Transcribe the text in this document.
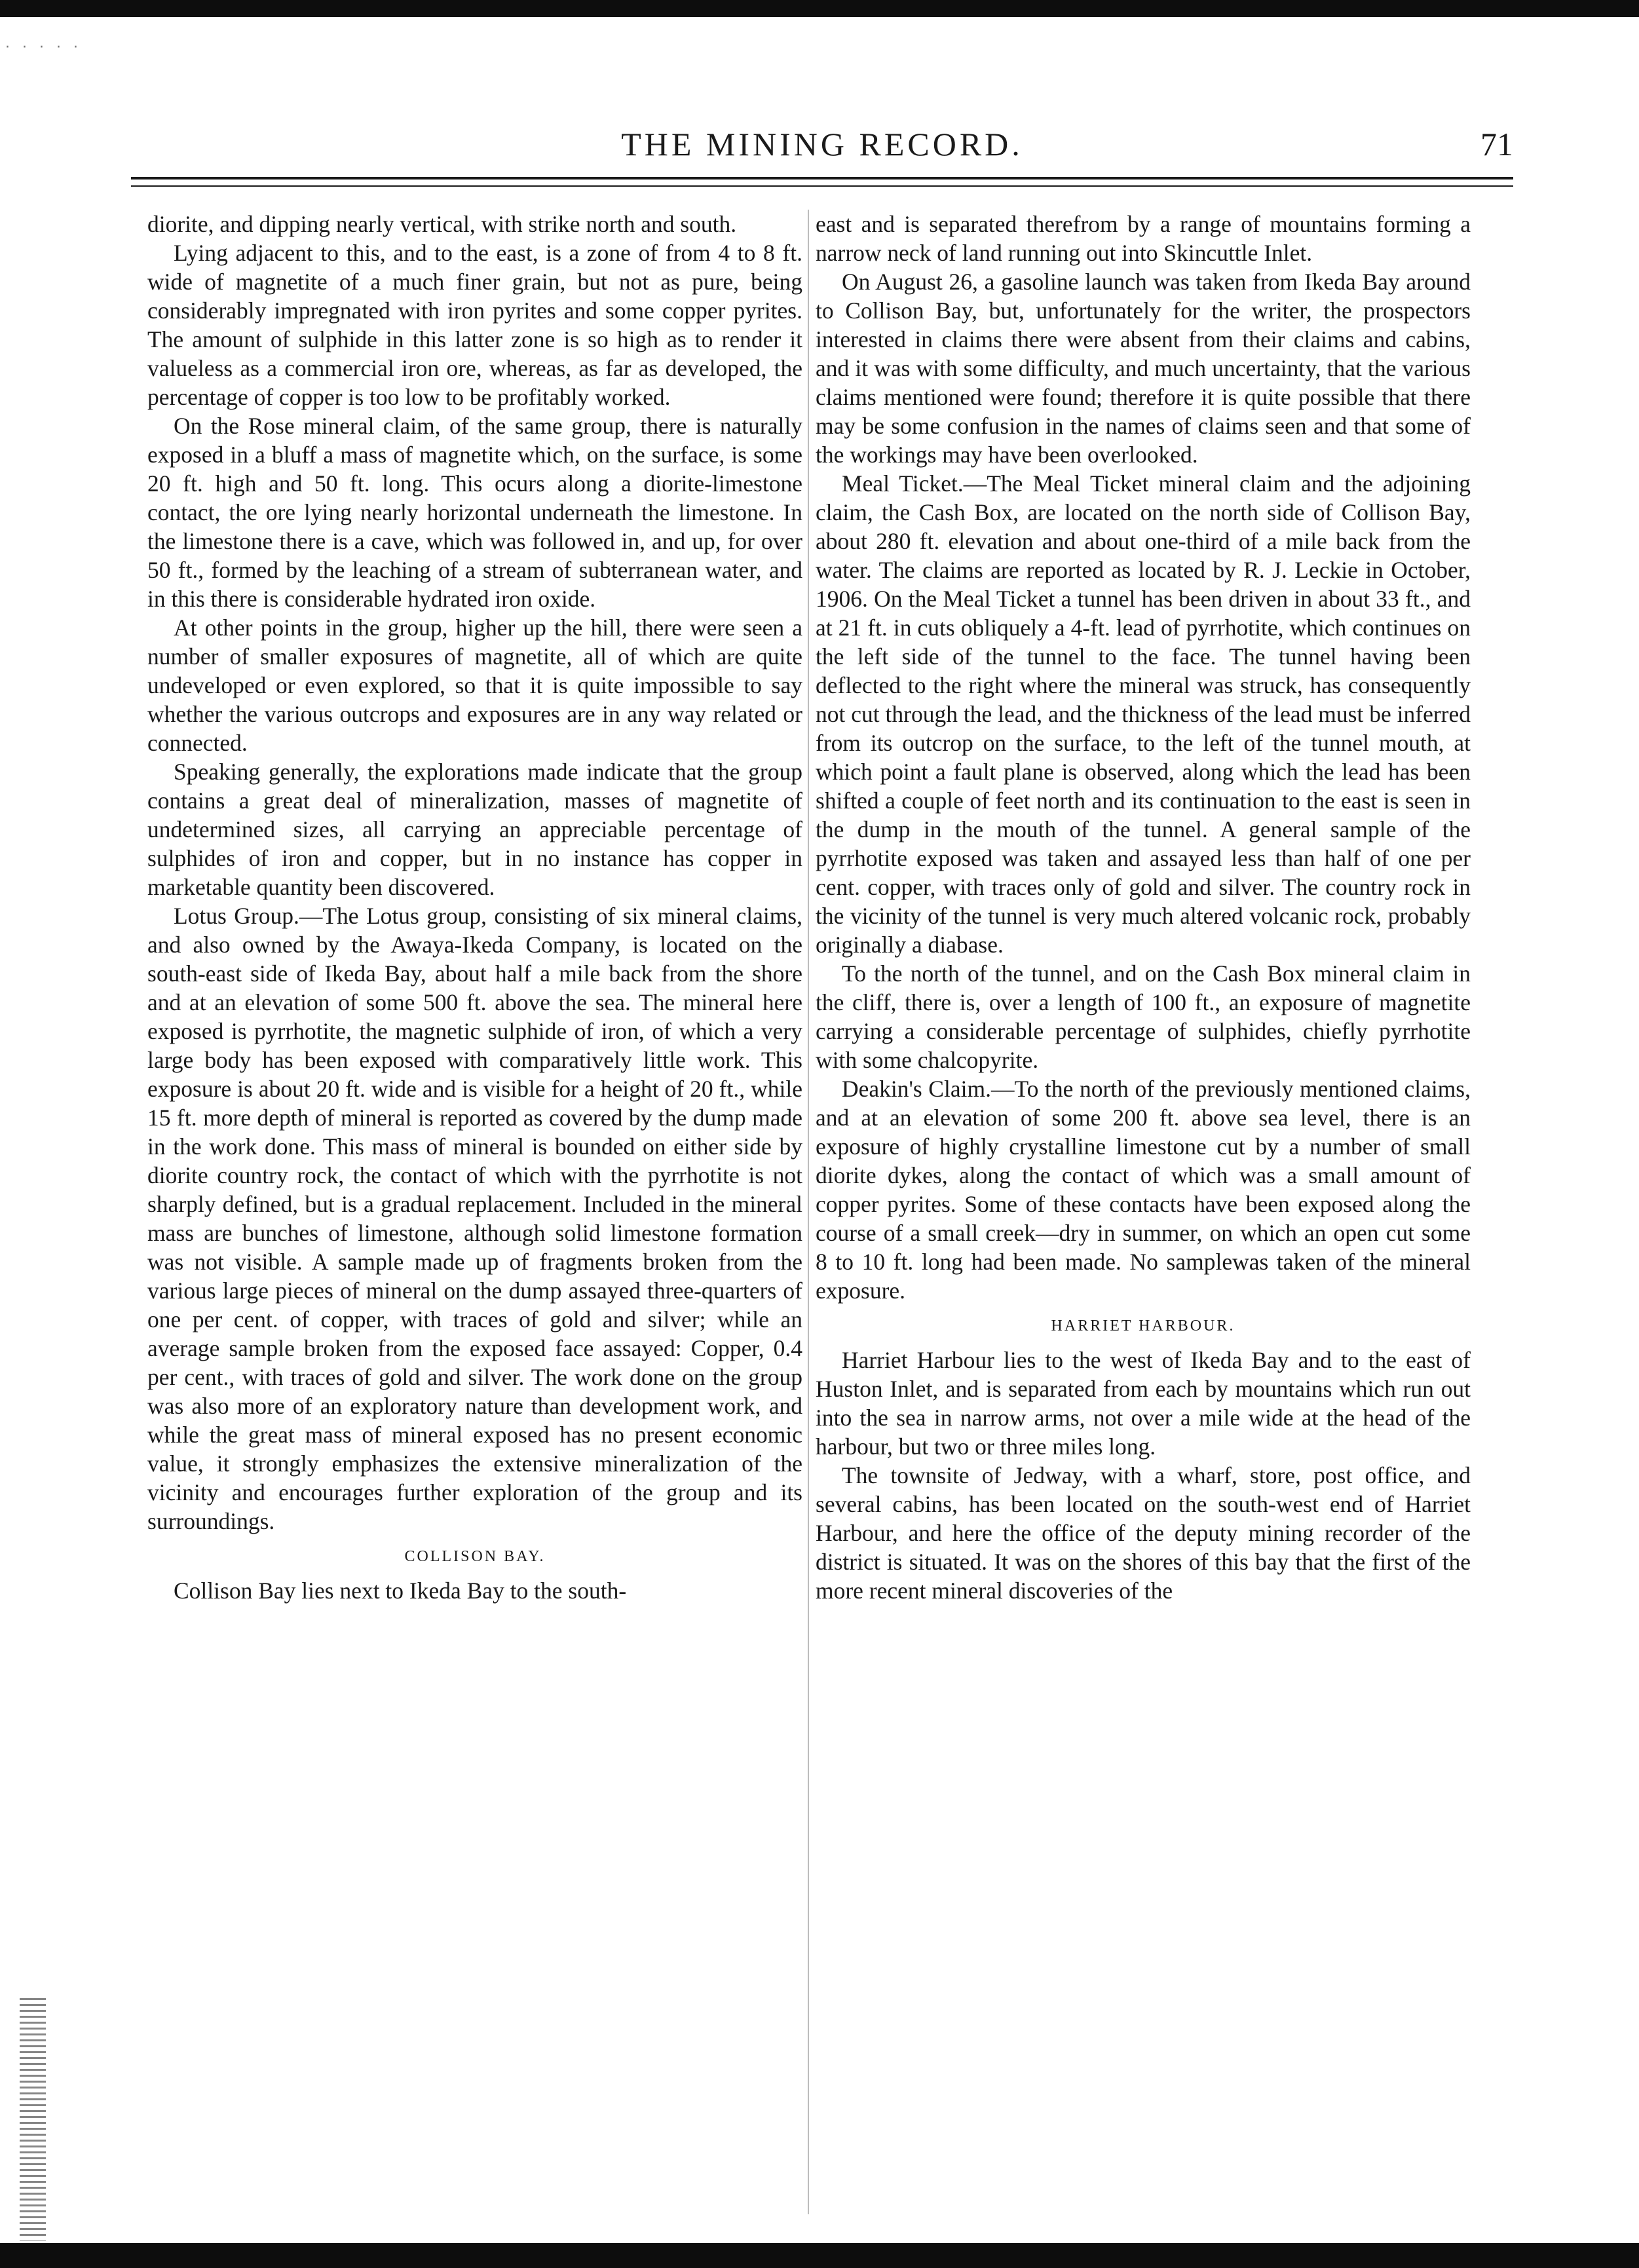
· · · · ·
THE MINING RECORD.	71

diorite, and dipping nearly vertical, with strike north and south.

Lying adjacent to this, and to the east, is a zone of from 4 to 8 ft. wide of magnetite of a much finer grain, but not as pure, being considerably impregnated with iron pyrites and some copper pyrites. The amount of sulphide in this latter zone is so high as to render it valueless as a commercial iron ore, whereas, as far as developed, the percentage of copper is too low to be profitably worked.

On the Rose mineral claim, of the same group, there is naturally exposed in a bluff a mass of magnetite which, on the surface, is some 20 ft. high and 50 ft. long. This ocurs along a diorite-limestone contact, the ore lying nearly horizontal underneath the limestone. In the limestone there is a cave, which was followed in, and up, for over 50 ft., formed by the leaching of a stream of subterranean water, and in this there is considerable hydrated iron oxide.

At other points in the group, higher up the hill, there were seen a number of smaller exposures of magnetite, all of which are quite undeveloped or even explored, so that it is quite impossible to say whether the various outcrops and exposures are in any way related or connected.

Speaking generally, the explorations made indicate that the group contains a great deal of mineralization, masses of magnetite of undetermined sizes, all carrying an appreciable percentage of sulphides of iron and copper, but in no instance has copper in marketable quantity been discovered.

Lotus Group.—The Lotus group, consisting of six mineral claims, and also owned by the Awaya-Ikeda Company, is located on the south-east side of Ikeda Bay, about half a mile back from the shore and at an elevation of some 500 ft. above the sea. The mineral here exposed is pyrrhotite, the magnetic sulphide of iron, of which a very large body has been exposed with comparatively little work. This exposure is about 20 ft. wide and is visible for a height of 20 ft., while 15 ft. more depth of mineral is reported as covered by the dump made in the work done. This mass of mineral is bounded on either side by diorite country rock, the contact of which with the pyrrhotite is not sharply defined, but is a gradual replacement. Included in the mineral mass are bunches of limestone, although solid limestone formation was not visible. A sample made up of fragments broken from the various large pieces of mineral on the dump assayed three-quarters of one per cent. of copper, with traces of gold and silver; while an average sample broken from the exposed face assayed: Copper, 0.4 per cent., with traces of gold and silver. The work done on the group was also more of an exploratory nature than development work, and while the great mass of mineral exposed has no present economic value, it strongly emphasizes the extensive mineralization of the vicinity and encourages further exploration of the group and its surroundings.

COLLISON BAY.

Collison Bay lies next to Ikeda Bay to the south-

east and is separated therefrom by a range of mountains forming a narrow neck of land running out into Skincuttle Inlet.

On August 26, a gasoline launch was taken from Ikeda Bay around to Collison Bay, but, unfortunately for the writer, the prospectors interested in claims there were absent from their claims and cabins, and it was with some difficulty, and much uncertainty, that the various claims mentioned were found; therefore it is quite possible that there may be some confusion in the names of claims seen and that some of the workings may have been overlooked.

Meal Ticket.—The Meal Ticket mineral claim and the adjoining claim, the Cash Box, are located on the north side of Collison Bay, about 280 ft. elevation and about one-third of a mile back from the water. The claims are reported as located by R. J. Leckie in October, 1906. On the Meal Ticket a tunnel has been driven in about 33 ft., and at 21 ft. in cuts obliquely a 4-ft. lead of pyrrhotite, which continues on the left side of the tunnel to the face. The tunnel having been deflected to the right where the mineral was struck, has consequently not cut through the lead, and the thickness of the lead must be inferred from its outcrop on the surface, to the left of the tunnel mouth, at which point a fault plane is observed, along which the lead has been shifted a couple of feet north and its continuation to the east is seen in the dump in the mouth of the tunnel. A general sample of the pyrrhotite exposed was taken and assayed less than half of one per cent. copper, with traces only of gold and silver. The country rock in the vicinity of the tunnel is very much altered volcanic rock, probably originally a diabase.

To the north of the tunnel, and on the Cash Box mineral claim in the cliff, there is, over a length of 100 ft., an exposure of magnetite carrying a considerable percentage of sulphides, chiefly pyrrhotite with some chalcopyrite.

Deakin's Claim.—To the north of the previously mentioned claims, and at an elevation of some 200 ft. above sea level, there is an exposure of highly crystalline limestone cut by a number of small diorite dykes, along the contact of which was a small amount of copper pyrites. Some of these contacts have been exposed along the course of a small creek—dry in summer, on which an open cut some 8 to 10 ft. long had been made. No samplewas taken of the mineral exposure.

HARRIET HARBOUR.

Harriet Harbour lies to the west of Ikeda Bay and to the east of Huston Inlet, and is separated from each by mountains which run out into the sea in narrow arms, not over a mile wide at the head of the harbour, but two or three miles long.

The townsite of Jedway, with a wharf, store, post office, and several cabins, has been located on the south-west end of Harriet Harbour, and here the office of the deputy mining recorder of the district is situated. It was on the shores of this bay that the first of the more recent mineral discoveries of the
